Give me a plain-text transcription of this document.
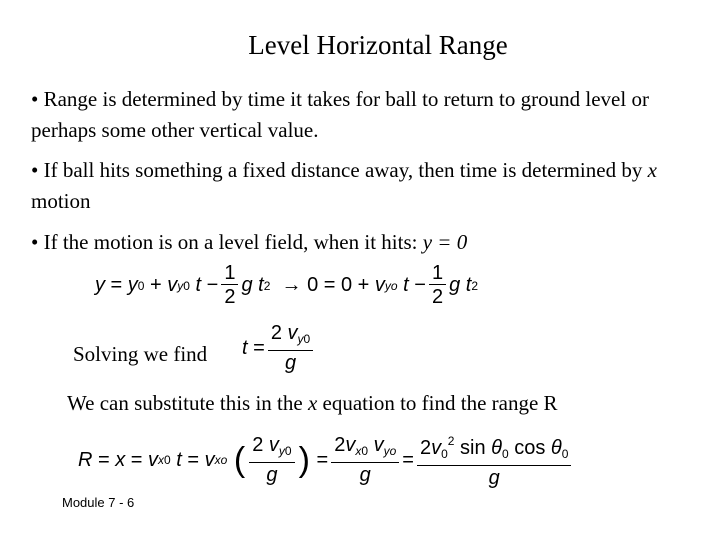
Level Horizontal Range
• Range is determined by time it takes for ball to return to ground level or perhaps some other vertical value.
• If ball hits something a fixed distance away, then time is determined by x motion
• If the motion is on a level field, when it hits: y = 0
y = y 0 + v y0
$t - \frac{1}{2}$ g
t 2 → 0 = 0 + v yo
$t - \frac{1}{2}$ g
t 2
Solving we find $t = \frac{2 v_{y0}}{g}$
We can substitute this in the x equation to find the range R
R = x = v x0
t = v xo
( $\frac{2 v_{y0}}{g}$ ) = $\frac{2v_{x0} v_{yo}}{g} = \frac{2v_0^2 \sin \theta_0 \cos \theta_0}{g}$
Module 7 - 6
